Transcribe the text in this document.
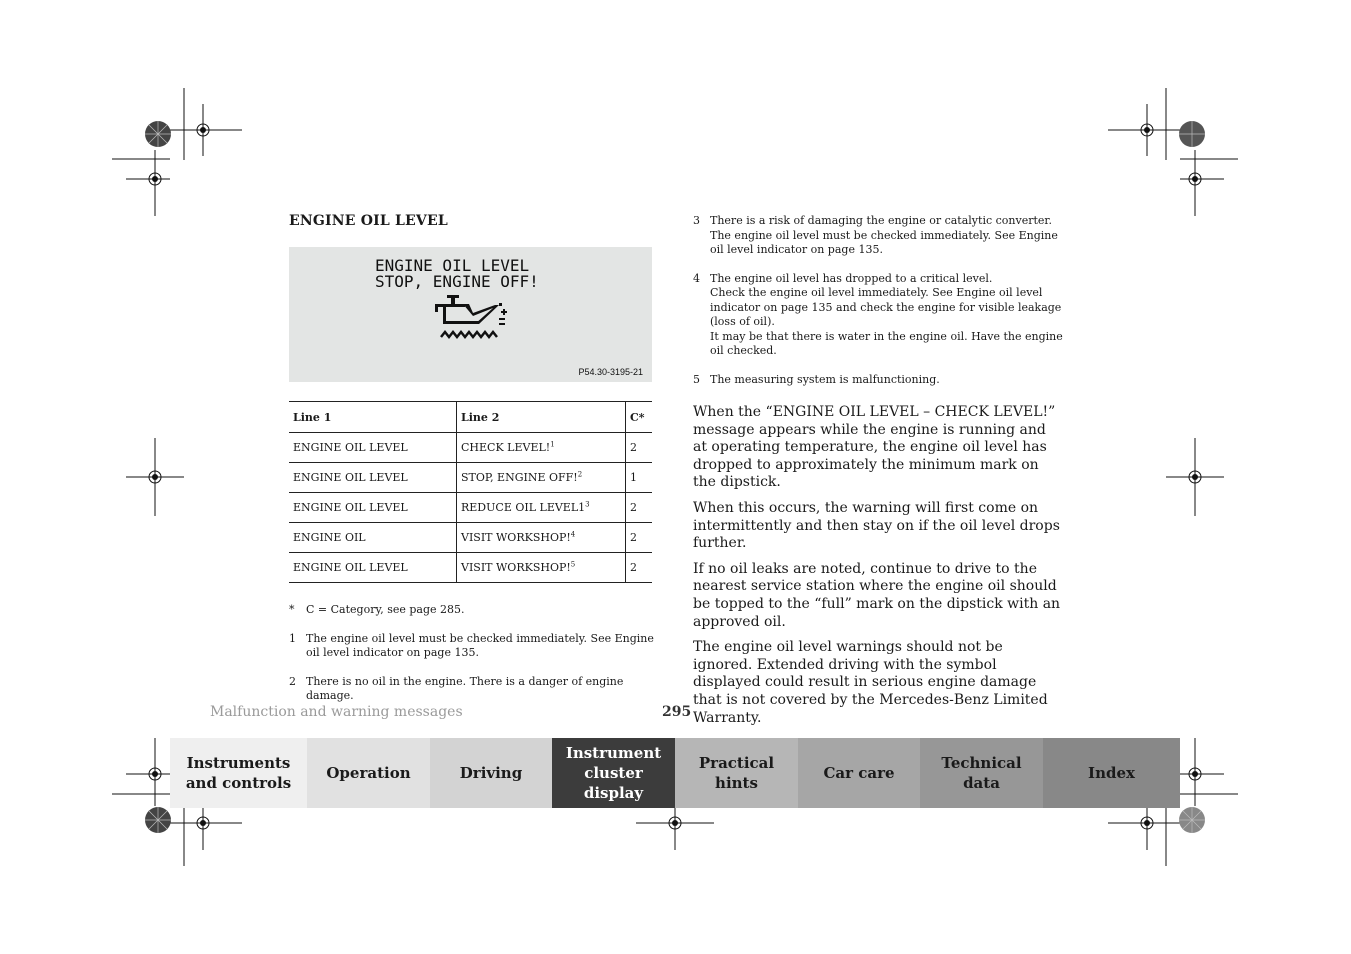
ENGINE OIL LEVEL
ENGINE OIL LEVEL
STOP, ENGINE OFF!
P54.30-3195-21
Line 1	Line 2	C*
ENGINE OIL LEVEL	CHECK LEVEL!$^1$	2
ENGINE OIL LEVEL	STOP, ENGINE OFF!$^2$	1
ENGINE OIL LEVEL	REDUCE OIL $LEVEL1^3$	2
ENGINE OIL	VISIT WORKSHOP!$^4$	2
ENGINE OIL LEVEL	VISIT WORKSHOP!$^5$	2
*	C = Category, see page 285.
1 The engine oil level must be checked immediately. See Engine oil level indicator on page 135.
2 There is no oil in the engine. There is a danger of engine damage.
3 There is a risk of damaging the engine or catalytic converter. The engine oil level must be checked immediately. See Engine oil level indicator on page 135.
4 The engine oil level has dropped to a critical level.
Check the engine oil level immediately. See Engine oil level indicator on page 135 and check the engine for visible leakage (loss of oil).
It may be that there is water in the engine oil. Have the engine oil checked.
5 The measuring system is malfunctioning.

When the “ENGINE OIL LEVEL – CHECK LEVEL!” message appears while the engine is running and at operating temperature, the engine oil level has dropped to approximately the minimum mark on the dipstick.

When this occurs, the warning will first come on intermittently and then stay on if the oil level drops further.

If no oil leaks are noted, continue to drive to the nearest service station where the engine oil should be topped to the “full” mark on the dipstick with an approved oil.

The engine oil level warnings should not be ignored. Extended driving with the symbol displayed could result in serious engine damage that is not covered by the Mercedes-Benz Limited Warranty.

Malfunction and warning messages	295
Instruments
and controls
Operation	Driving
Instrument
cluster display
Practical hints
Car care
Technical
data
Index
